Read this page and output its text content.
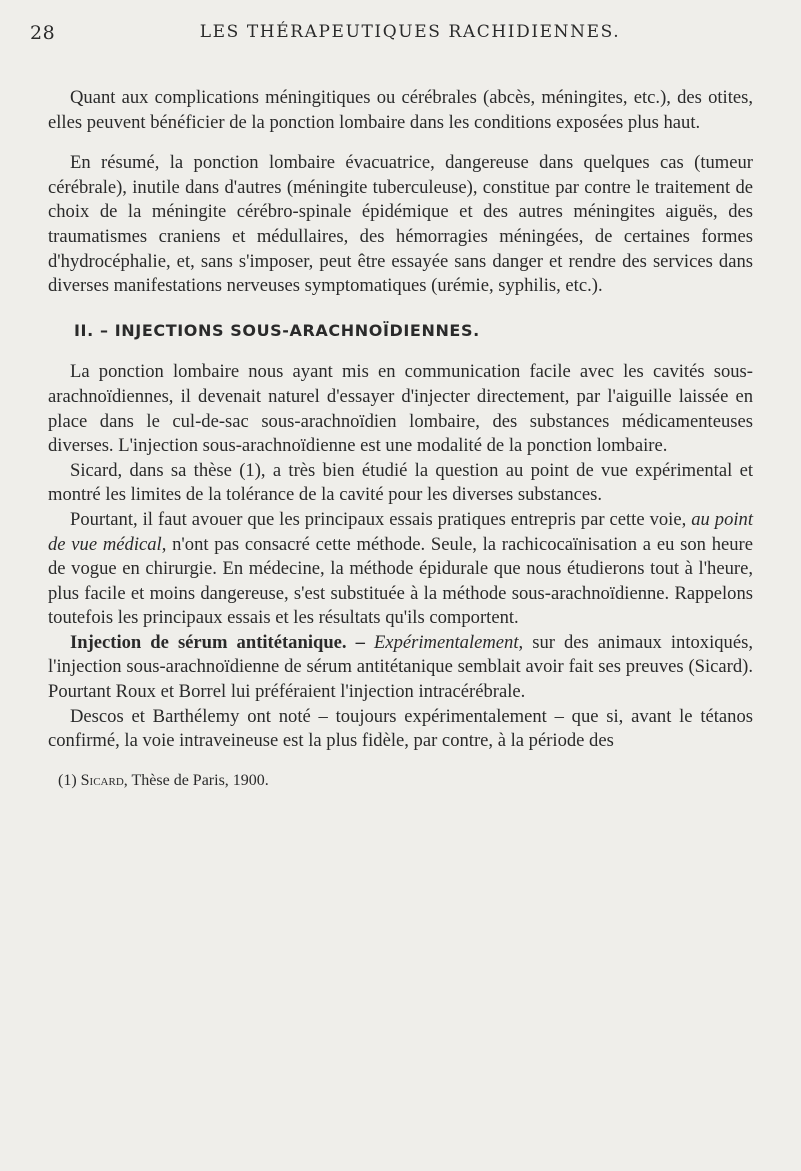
28	LES THÉRAPEUTIQUES RACHIDIENNES.

Quant aux complications méningitiques ou cérébrales (abcès, méningites, etc.), des otites, elles peuvent bénéficier de la ponction lombaire dans les conditions exposées plus haut.

En résumé, la ponction lombaire évacuatrice, dangereuse dans quelques cas (tumeur cérébrale), inutile dans d'autres (méningite tuberculeuse), constitue par contre le traitement de choix de la méningite cérébro-spinale épidémique et des autres méningites aiguës, des traumatismes craniens et médullaires, des hémorragies méningées, de certaines formes d'hydrocéphalie, et, sans s'imposer, peut être essayée sans danger et rendre des services dans diverses manifestations nerveuses symptomatiques (urémie, syphilis, etc.).

II. – INJECTIONS SOUS-ARACHNOÏDIENNES.

La ponction lombaire nous ayant mis en communication facile avec les cavités sous-arachnoïdiennes, il devenait naturel d'essayer d'injecter directement, par l'aiguille laissée en place dans le cul-de-sac sous-arachnoïdien lombaire, des substances médicamenteuses diverses. L'injection sous-arachnoïdienne est une modalité de la ponction lombaire.

Sicard, dans sa thèse (1), a très bien étudié la question au point de vue expérimental et montré les limites de la tolérance de la cavité pour les diverses substances.

Pourtant, il faut avouer que les principaux essais pratiques entrepris par cette voie, au point de vue médical, n'ont pas consacré cette méthode. Seule, la rachicocaïnisation a eu son heure de vogue en chirurgie. En médecine, la méthode épidurale que nous étudierons tout à l'heure, plus facile et moins dangereuse, s'est substituée à la méthode sous-arachnoïdienne. Rappelons toutefois les principaux essais et les résultats qu'ils comportent.

Injection de sérum antitétanique. – Expérimentalement, sur des animaux intoxiqués, l'injection sous-arachnoïdienne de sérum antitétanique semblait avoir fait ses preuves (Sicard). Pourtant Roux et Borrel lui préféraient l'injection intracérébrale.

Descos et Barthélemy ont noté – toujours expérimentalement – que si, avant le tétanos confirmé, la voie intraveineuse est la plus fidèle, par contre, à la période des

(1) Sicard, Thèse de Paris, 1900.
